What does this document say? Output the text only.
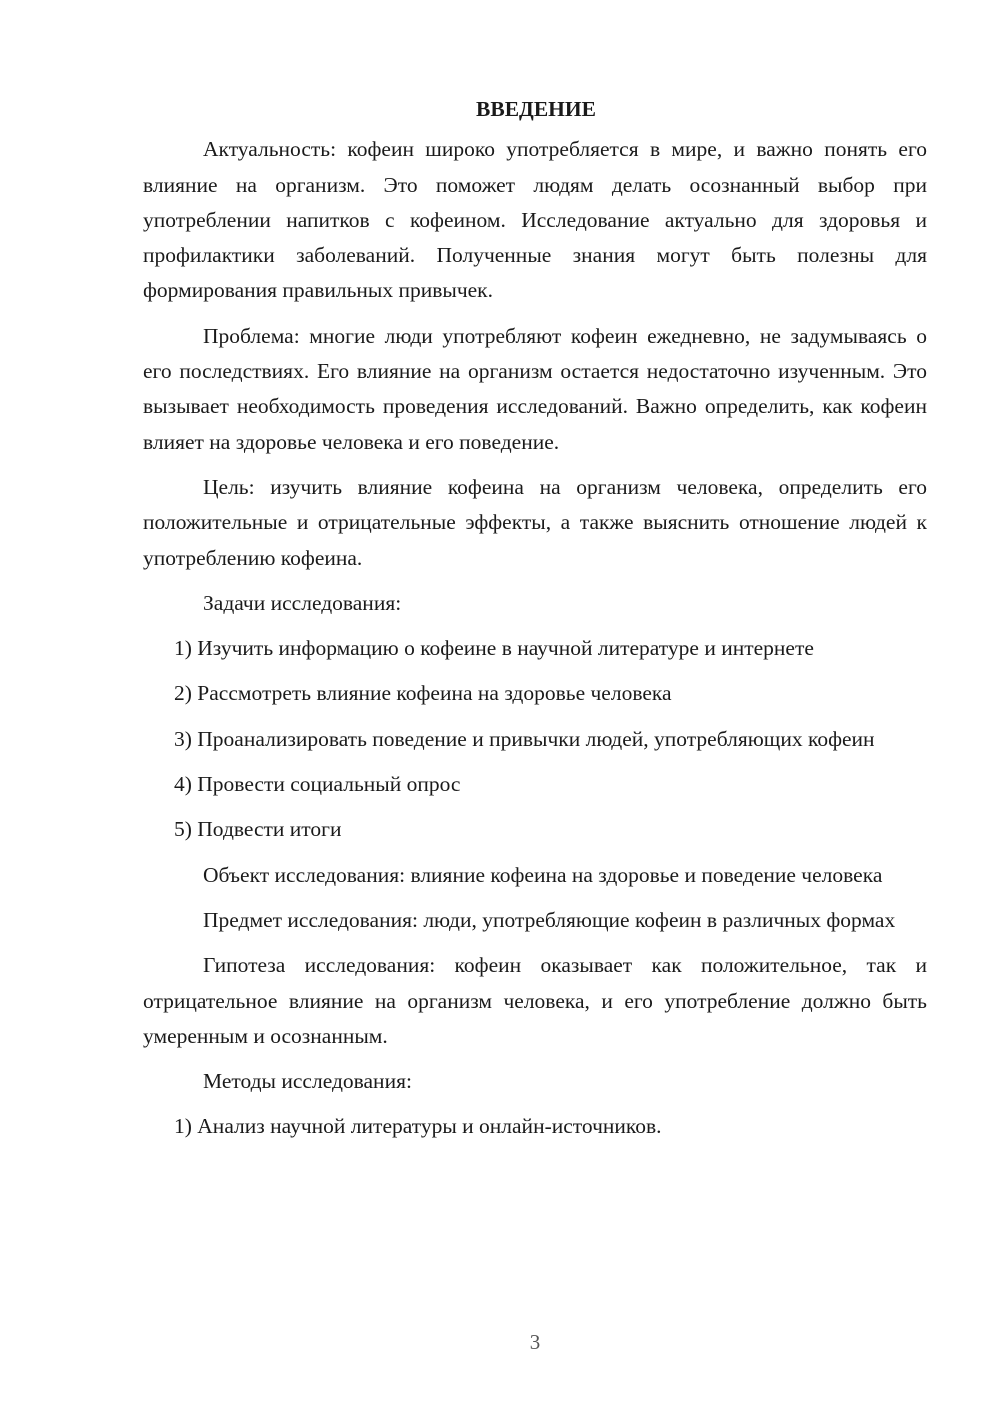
ВВЕДЕНИЕ

Актуальность: кофеин широко употребляется в мире, и важно понять его влияние на организм. Это поможет людям делать осознанный выбор при употреблении напитков с кофеином. Исследование актуально для здоровья и профилактики заболеваний. Полученные знания могут быть полезны для формирования правильных привычек.

Проблема: многие люди употребляют кофеин ежедневно, не задумываясь о его последствиях. Его влияние на организм остается недостаточно изученным. Это вызывает необходимость проведения исследований. Важно определить, как кофеин влияет на здоровье человека и его поведение.

Цель: изучить влияние кофеина на организм человека, определить его положительные и отрицательные эффекты, а также выяснить отношение людей к употреблению кофеина.

Задачи исследования:

1) Изучить информацию о кофеине в научной литературе и интернете

2) Рассмотреть влияние кофеина на здоровье человека

3) Проанализировать поведение и привычки людей, употребляющих кофеин

4) Провести социальный опрос

5) Подвести итоги

Объект исследования: влияние кофеина на здоровье и поведение человека

Предмет исследования: люди, употребляющие кофеин в различных формах

Гипотеза исследования: кофеин оказывает как положительное, так и отрицательное влияние на организм человека, и его употребление должно быть умеренным и осознанным.

Методы исследования:

1) Анализ научной литературы и онлайн-источников.

3
